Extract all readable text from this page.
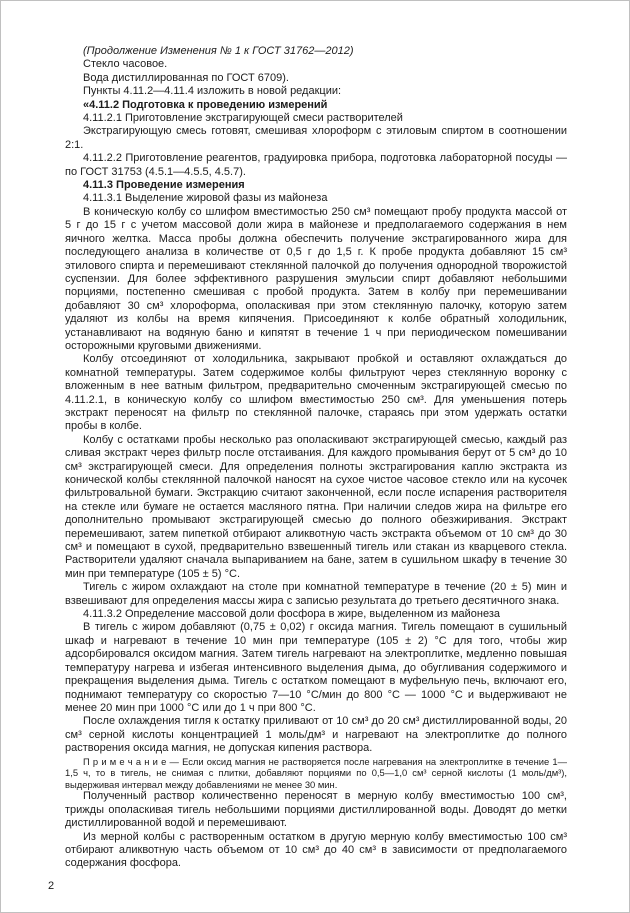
(Продолжение Изменения № 1 к ГОСТ 31762—2012)

Стекло часовое.

Вода дистиллированная по ГОСТ 6709).

Пункты 4.11.2—4.11.4 изложить в новой редакции:

«4.11.2 Подготовка к проведению измерений

4.11.2.1 Приготовление экстрагирующей смеси растворителей

Экстрагирующую смесь готовят, смешивая хлороформ с этиловым спиртом в соотношении 2:1.

4.11.2.2 Приготовление реагентов, градуировка прибора, подготовка лабораторной посуды — по ГОСТ 31753 (4.5.1—4.5.5, 4.5.7).

4.11.3 Проведение измерения

4.11.3.1 Выделение жировой фазы из майонеза

В коническую колбу со шлифом вместимостью 250 см³ помещают пробу продукта массой от 5 г до 15 г с учетом массовой доли жира в майонезе и предполагаемого содержания в нем яичного желтка. Масса пробы должна обеспечить получение экстрагированного жира для последующего анализа в количестве от 0,5 г до 1,5 г. К пробе продукта добавляют 15 см³ этилового спирта и перемешивают стеклянной палочкой до получения однородной творожистой суспензии. Для более эффективного разрушения эмульсии спирт добавляют небольшими порциями, постепенно смешивая с пробой продукта. Затем в колбу при перемешивании добавляют 30 см³ хлороформа, ополаскивая при этом стеклянную палочку, которую затем удаляют из колбы на время кипячения. Присоединяют к колбе обратный холодильник, устанавливают на водяную баню и кипятят в течение 1 ч при периодическом помешивании осторожными круговыми движениями.

Колбу отсоединяют от холодильника, закрывают пробкой и оставляют охлаждаться до комнатной температуры. Затем содержимое колбы фильтруют через стеклянную воронку с вложенным в нее ватным фильтром, предварительно смоченным экстрагирующей смесью по 4.11.2.1, в коническую колбу со шлифом вместимостью 250 см³. Для уменьшения потерь экстракт переносят на фильтр по стеклянной палочке, стараясь при этом удержать остатки пробы в колбе.

Колбу с остатками пробы несколько раз ополаскивают экстрагирующей смесью, каждый раз сливая экстракт через фильтр после отстаивания. Для каждого промывания берут от 5 см³ до 10 см³ экстрагирующей смеси. Для определения полноты экстрагирования каплю экстракта из конической колбы стеклянной палочкой наносят на сухое чистое часовое стекло или на кусочек фильтровальной бумаги. Экстракцию считают законченной, если после испарения растворителя на стекле или бумаге не остается масляного пятна. При наличии следов жира на фильтре его дополнительно промывают экстрагирующей смесью до полного обезжиривания. Экстракт перемешивают, затем пипеткой отбирают аликвотную часть экстракта объемом от 10 см³ до 30 см³ и помещают в сухой, предварительно взвешенный тигель или стакан из кварцевого стекла. Растворители удаляют сначала выпариванием на бане, затем в сушильном шкафу в течение 30 мин при температуре (105 ± 5) °С.

Тигель с жиром охлаждают на столе при комнатной температуре в течение (20 ± 5) мин и взвешивают для определения массы жира с записью результата до третьего десятичного знака.

4.11.3.2 Определение массовой доли фосфора в жире, выделенном из майонеза

В тигель с жиром добавляют (0,75 ± 0,02) г оксида магния. Тигель помещают в сушильный шкаф и нагревают в течение 10 мин при температуре (105 ± 2) °С для того, чтобы жир адсорбировался оксидом магния. Затем тигель нагревают на электроплитке, медленно повышая температуру нагрева и избегая интенсивного выделения дыма, до обугливания содержимого и прекращения выделения дыма. Тигель с остатком помещают в муфельную печь, включают его, поднимают температуру со скоростью 7—10 °С/мин до 800 °С — 1000 °С и выдерживают не менее 20 мин при 1000 °С или до 1 ч при 800 °С.

После охлаждения тигля к остатку приливают от 10 см³ до 20 см³ дистиллированной воды, 20 см³ серной кислоты концентрацией 1 моль/дм³ и нагревают на электроплитке до полного растворения оксида магния, не допуская кипения раствора.

П р и м е ч а н и е — Если оксид магния не растворяется после нагревания на электроплитке в течение 1—1,5 ч, то в тигель, не снимая с плитки, добавляют порциями по 0,5—1,0 см³ серной кислоты (1 моль/дм³), выдерживая интервал между добавлениями не менее 30 мин.

Полученный раствор количественно переносят в мерную колбу вместимостью 100 см³, трижды ополаскивая тигель небольшими порциями дистиллированной воды. Доводят до метки дистиллированной водой и перемешивают.

Из мерной колбы с растворенным остатком в другую мерную колбу вместимостью 100 см³ отбирают аликвотную часть объемом от 10 см³ до 40 см³ в зависимости от предполагаемого содержания фосфора.

2
